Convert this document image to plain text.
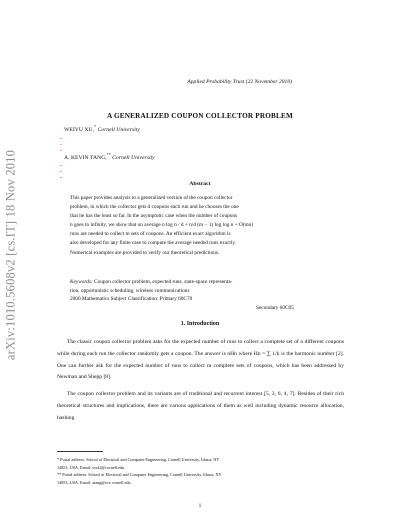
arXiv:1010.5608v2 [cs.IT] 18 Nov 2010
Applied Probability Trust (22 November 2010)
A GENERALIZED COUPON COLLECTOR PROBLEM
•
•
•
WEIYU XU,* Cornell University
•
•
•
A. KEVIN TANG,** Cornell University
Abstract

This paper provides analysis to a generalized version of the coupon collector

problem, in which the collector gets d coupons each run and he chooses the one

that he has the least so far. In the asymptotic case when the number of coupons

n goes to infinity, we show that on average n log n / d + n/d (m − 1) log log n + O(mn)

runs are needed to collect m sets of coupons. An efficient exact algorithm is

also developed for any finite case to compute the average needed runs exactly.

Numerical examples are provided to verify our theoretical predictions.

Keywords: Coupon collector problem, expected runs, state-space representa-

tion, opportunistic scheduling, wireless communications

2000 Mathematics Subject Classification: Primary 60C70
Secondary 60C05
1. Introduction

The classic coupon collector problem asks for the expected number of runs to collect a complete set of n different coupons while during each run the collector randomly gets a coupon. The answer is nHn where Hn = ∑ 1/k is the harmonic number [2]. One can further ask for the expected number of runs to collect m complete sets of coupons, which has been addressed by Newman and Shepp [8].

The coupon collector problem and its variants are of traditional and recurrent interest [5, 3, 6, 4, 7]. Besides of their rich theoretical structures and implications, there are various applications of them as well including dynamic resource allocation, hashing

* Postal address: School of Electrical and Computer Engineering, Cornell University, Ithaca, NY

14853, USA. Email: wx42@cornell.edu.

** Postal address: School of Electrical and Computer Engineering, Cornell University, Ithaca, NY

14853, USA. Email: atang@ece.cornell.edu.

1
